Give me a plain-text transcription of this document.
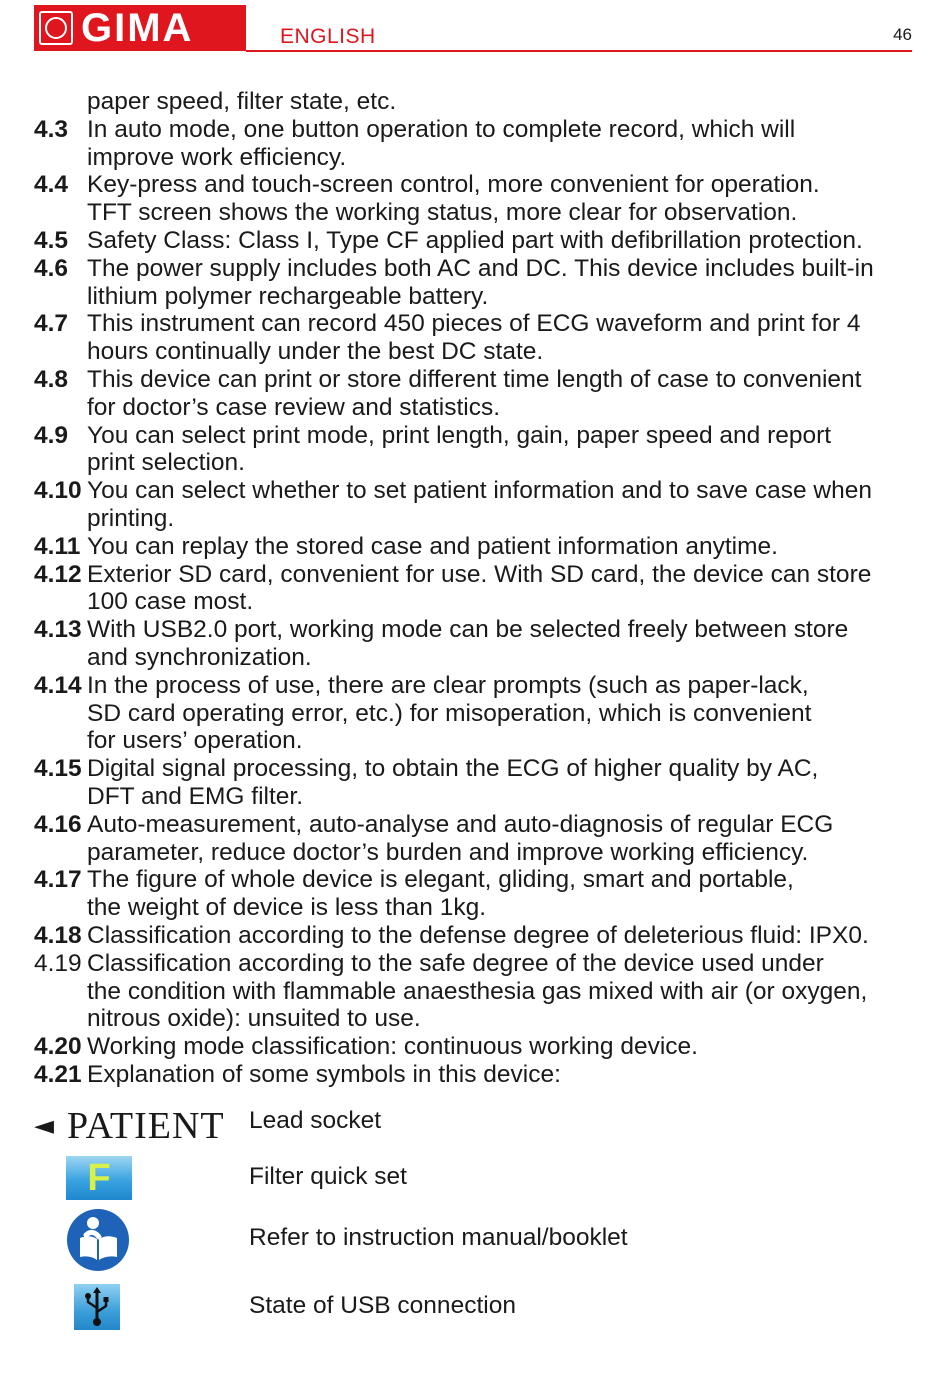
GIMA	ENGLISH	46
paper speed, filter state, etc.
4.3 In auto mode, one button operation to complete record, which will
improve work efficiency.
4.4 Key-press and touch-screen control, more convenient for operation.
TFT screen shows the working status, more clear for observation.
4.5 Safety Class: Class I, Type CF applied part with defibrillation protection.
4.6 The power supply includes both AC and DC. This device includes built-in
lithium polymer rechargeable battery.
4.7 This instrument can record 450 pieces of ECG waveform and print for 4
hours continually under the best DC state.
4.8 This device can print or store different time length of case to convenient
for doctor’s case review and statistics.
4.9 You can select print mode, print length, gain, paper speed and report
print selection.
4.10 You can select whether to set patient information and to save case when
printing.
4.11 You can replay the stored case and patient information anytime.
4.12 Exterior SD card, convenient for use. With SD card, the device can store
100 case most.
4.13 With USB2.0 port, working mode can be selected freely between store
and synchronization.
4.14 In the process of use, there are clear prompts (such as paper-lack,
SD card operating error, etc.) for misoperation, which is convenient
for users’ operation.
4.15 Digital signal processing, to obtain the ECG of higher quality by AC,
DFT and EMG filter.
4.16 Auto-measurement, auto-analyse and auto-diagnosis of regular ECG
parameter, reduce doctor’s burden and improve working efficiency.
4.17 The figure of whole device is elegant, gliding, smart and portable,
the weight of device is less than 1kg.
4.18 Classification according to the defense degree of deleterious fluid: IPX0.
4.19 Classification according to the safe degree of the device used under
the condition with flammable anaesthesia gas mixed with air (or oxygen,
nitrous oxide): unsuited to use.
4.20 Working mode classification: continuous working device.
4.21 Explanation of some symbols in this device:
◄ PATIENT Lead socket
F	Filter quick set
Refer to instruction manual/booklet
State of USB connection
